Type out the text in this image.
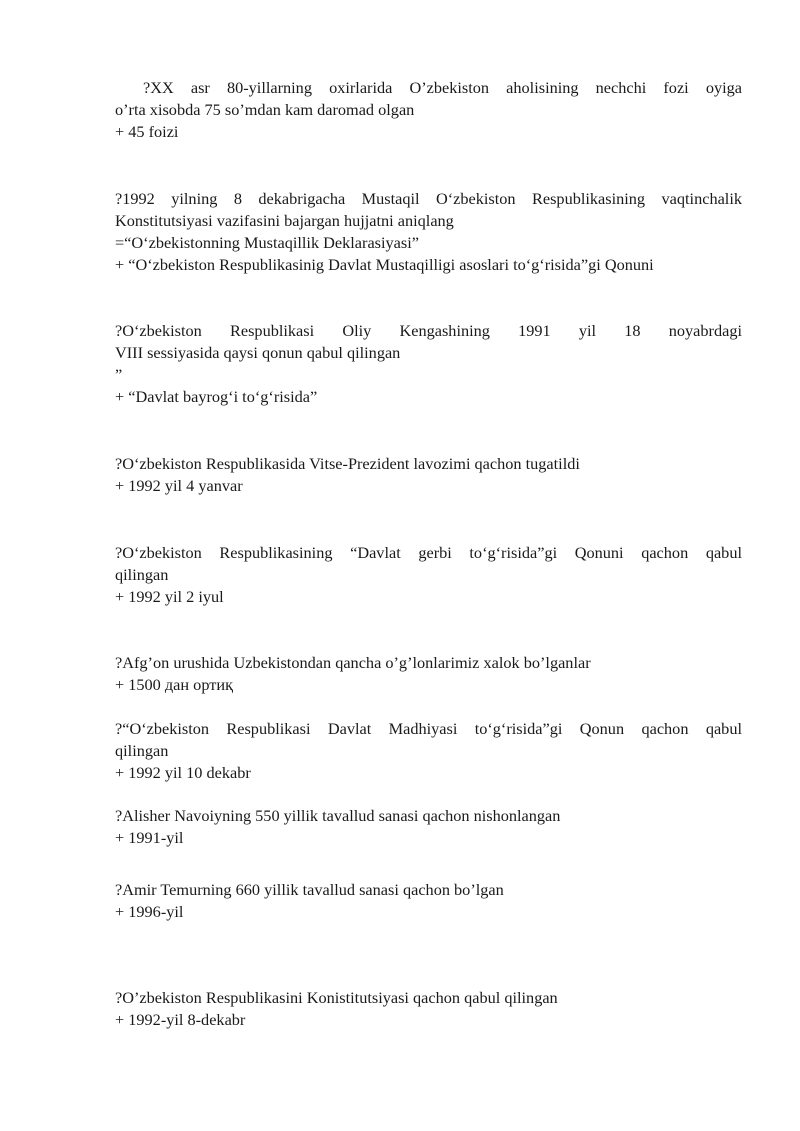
?XX asr 80-yillarning oxirlarida O’zbekiston aholisining nechchi fozi oyiga
o’rta xisobda 75 so’mdan kam daromad olgan
+ 45 foizi
?1992 yilning 8 dekabrigacha Mustaqil O‘zbekiston Respublikasining vaqtinchalik
Konstitutsiyasi vazifasini bajargan hujjatni aniqlang
=“O‘zbekistonning Mustaqillik Deklarasiyasi”
+ “O‘zbekiston Respublikasinig Davlat Mustaqilligi asoslari to‘g‘risida”gi Qonuni
?O‘zbekiston Respublikasi Oliy Kengashining 1991 yil 18 noyabrdagi
VIII sessiyasida qaysi qonun qabul qilingan
”
+ “Davlat bayrog‘i to‘g‘risida”
?O‘zbekiston Respublikasida Vitse-Prezident lavozimi qachon tugatildi
+ 1992 yil 4 yanvar
?O‘zbekiston Respublikasining “Davlat gerbi to‘g‘risida”gi Qonuni qachon qabul
qilingan
+ 1992 yil 2 iyul
?Afg’on urushida Uzbekistondan qancha o’g’lonlarimiz xalok bo’lganlar
+ 1500 дан ортиқ
?“O‘zbekiston Respublikasi Davlat Madhiyasi to‘g‘risida”gi Qonun qachon qabul
qilingan
+ 1992 yil 10 dekabr
?Alisher Navoiyning 550 yillik tavallud sanasi qachon nishonlangan
+ 1991-yil
?Amir Temurning 660 yillik tavallud sanasi qachon bo’lgan
+ 1996-yil
?O’zbekiston Respublikasini Konistitutsiyasi qachon qabul qilingan
+ 1992-yil 8-dekabr
